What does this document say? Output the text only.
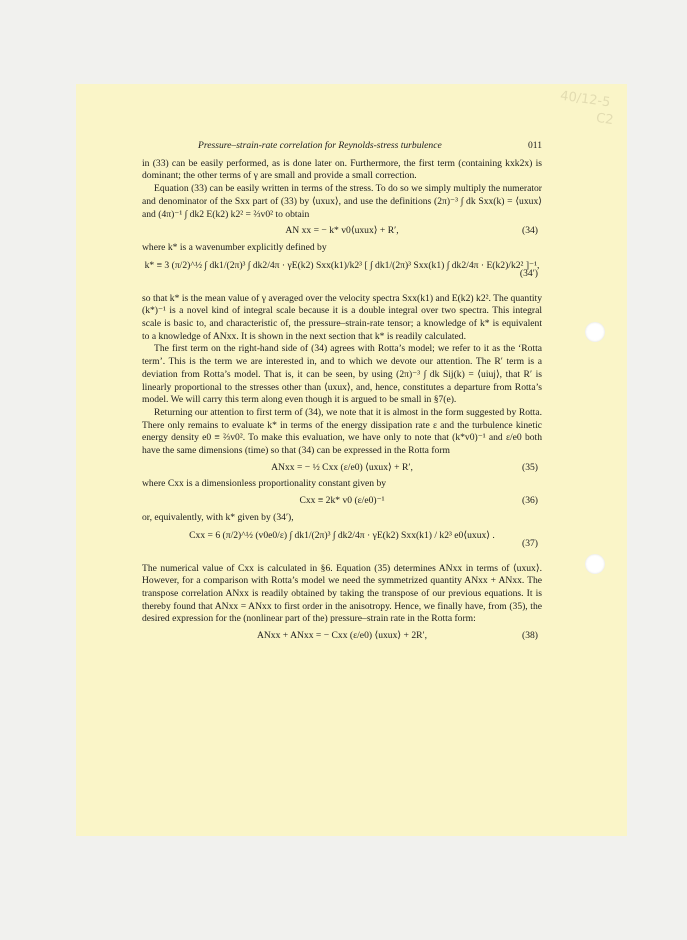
40/12-5
C2
Pressure–strain-rate correlation for Reynolds-stress turbulence	011

in (33) can be easily performed, as is done later on. Furthermore, the first term (containing kxk2x) is dominant; the other terms of γ are small and provide a small correction.

Equation (33) can be easily written in terms of the stress. To do so we simply multiply the numerator and denominator of the Sxx part of (33) by ⟨uxux⟩, and use the definitions (2π)⁻³ ∫ dk Sxx(k) = ⟨uxux⟩ and (4π)⁻¹ ∫ dk2 E(k2) k2² = ⅔v0² to obtain

AN xx = − k* v0⟨uxux⟩ + R′,	(34)

where k* is a wavenumber explicitly defined by

k* ≡ 3 (π/2)^½ ∫ dk1/(2π)³ ∫ dk2/4π · γE(k2) Sxx(k1)/k2³ [ ∫ dk1/(2π)³ Sxx(k1) ∫ dk2/4π · E(k2)/k2² ]⁻¹,
(34′)

so that k* is the mean value of γ averaged over the velocity spectra Sxx(k1) and E(k2) k2². The quantity (k*)⁻¹ is a novel kind of integral scale because it is a double integral over two spectra. This integral scale is basic to, and characteristic of, the pressure–strain-rate tensor; a knowledge of k* is equivalent to a knowledge of ANxx. It is shown in the next section that k* is readily calculated.

The first term on the right-hand side of (34) agrees with Rotta’s model; we refer to it as the ‘Rotta term’. This is the term we are interested in, and to which we devote our attention. The R′ term is a deviation from Rotta’s model. That is, it can be seen, by using (2π)⁻³ ∫ dk Sij(k) = ⟨uiuj⟩, that R′ is linearly proportional to the stresses other than ⟨uxux⟩, and, hence, constitutes a departure from Rotta’s model. We will carry this term along even though it is argued to be small in §7(e).

Returning our attention to first term of (34), we note that it is almost in the form suggested by Rotta. There only remains to evaluate k* in terms of the energy dissipation rate ε and the turbulence kinetic energy density e0 ≡ ⅔v0². To make this evaluation, we have only to note that (k*v0)⁻¹ and ε/e0 both have the same dimensions (time) so that (34) can be expressed in the Rotta form

ANxx = − ½ Cxx (ε/e0) ⟨uxux⟩ + R′,	(35)

where Cxx is a dimensionless proportionality constant given by

Cxx ≡ 2k* v0 (ε/e0)⁻¹	(36)

or, equivalently, with k* given by (34′),

Cxx = 6 (π/2)^½ (v0e0/ε) ∫ dk1/(2π)³ ∫ dk2/4π · γE(k2) Sxx(k1) / k2³ e0⟨uxux⟩ .
(37)

The numerical value of Cxx is calculated in §6. Equation (35) determines ANxx in terms of ⟨uxux⟩. However, for a comparison with Rotta’s model we need the symmetrized quantity ANxx + ANxx. The transpose correlation ANxx is readily obtained by taking the transpose of our previous equations. It is thereby found that ANxx = ANxx to first order in the anisotropy. Hence, we finally have, from (35), the desired expression for the (nonlinear part of the) pressure–strain rate in the Rotta form:

ANxx + ANxx = − Cxx (ε/e0) ⟨uxux⟩ + 2R′,	(38)
